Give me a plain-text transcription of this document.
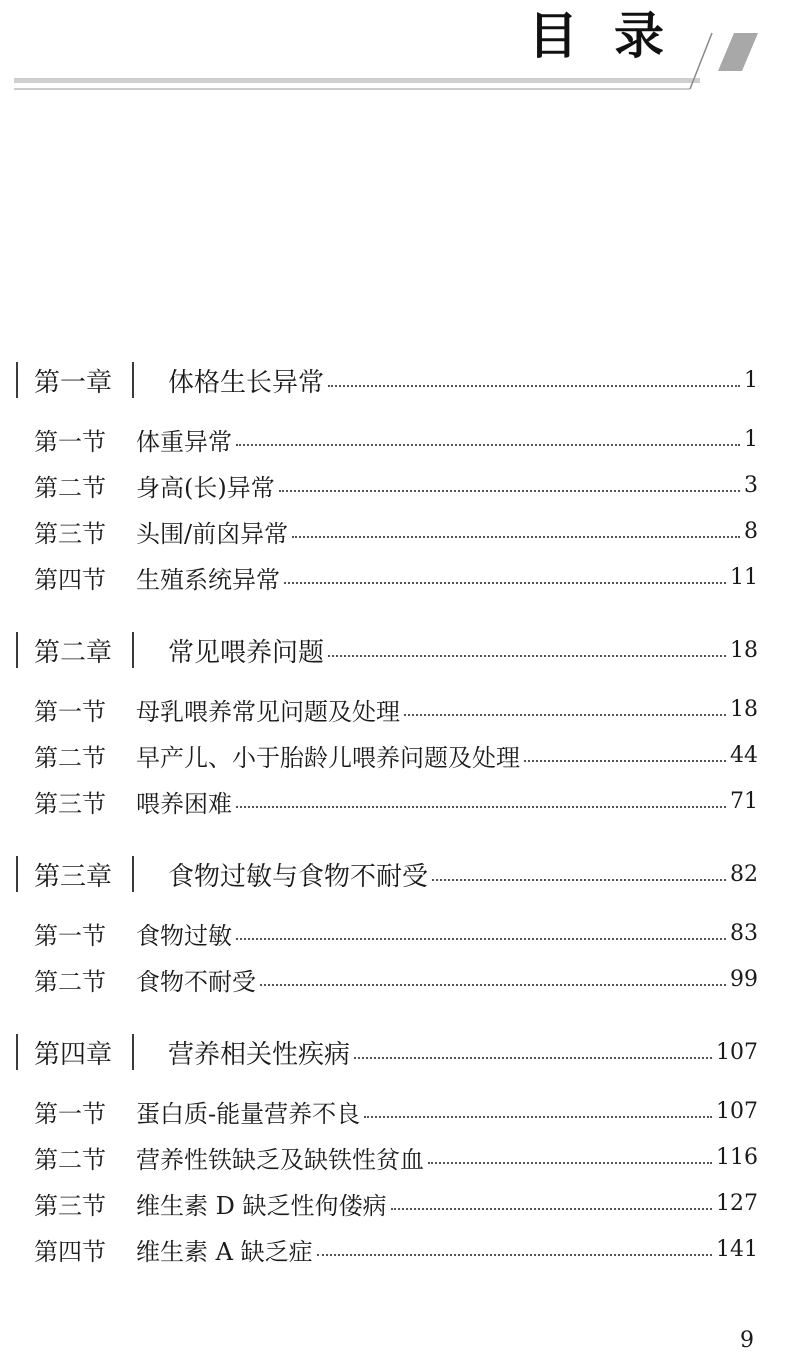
目录
第一章 体格生长异常	1
第一节	体重异常	1
第二节	身高(长)异常	3
第三节	头围/前囟异常	8
第四节	生殖系统异常	11
第二章 常见喂养问题	18
第一节	母乳喂养常见问题及处理	18
第二节	早产儿、小于胎龄儿喂养问题及处理	44
第三节	喂养困难	71
第三章 食物过敏与食物不耐受	82
第一节	食物过敏	83
第二节	食物不耐受	99
第四章 营养相关性疾病	107
第一节	蛋白质-能量营养不良	107
第二节	营养性铁缺乏及缺铁性贫血	116
第三节	维生素 D 缺乏性佝偻病	127
第四节	维生素 A 缺乏症	141
9
